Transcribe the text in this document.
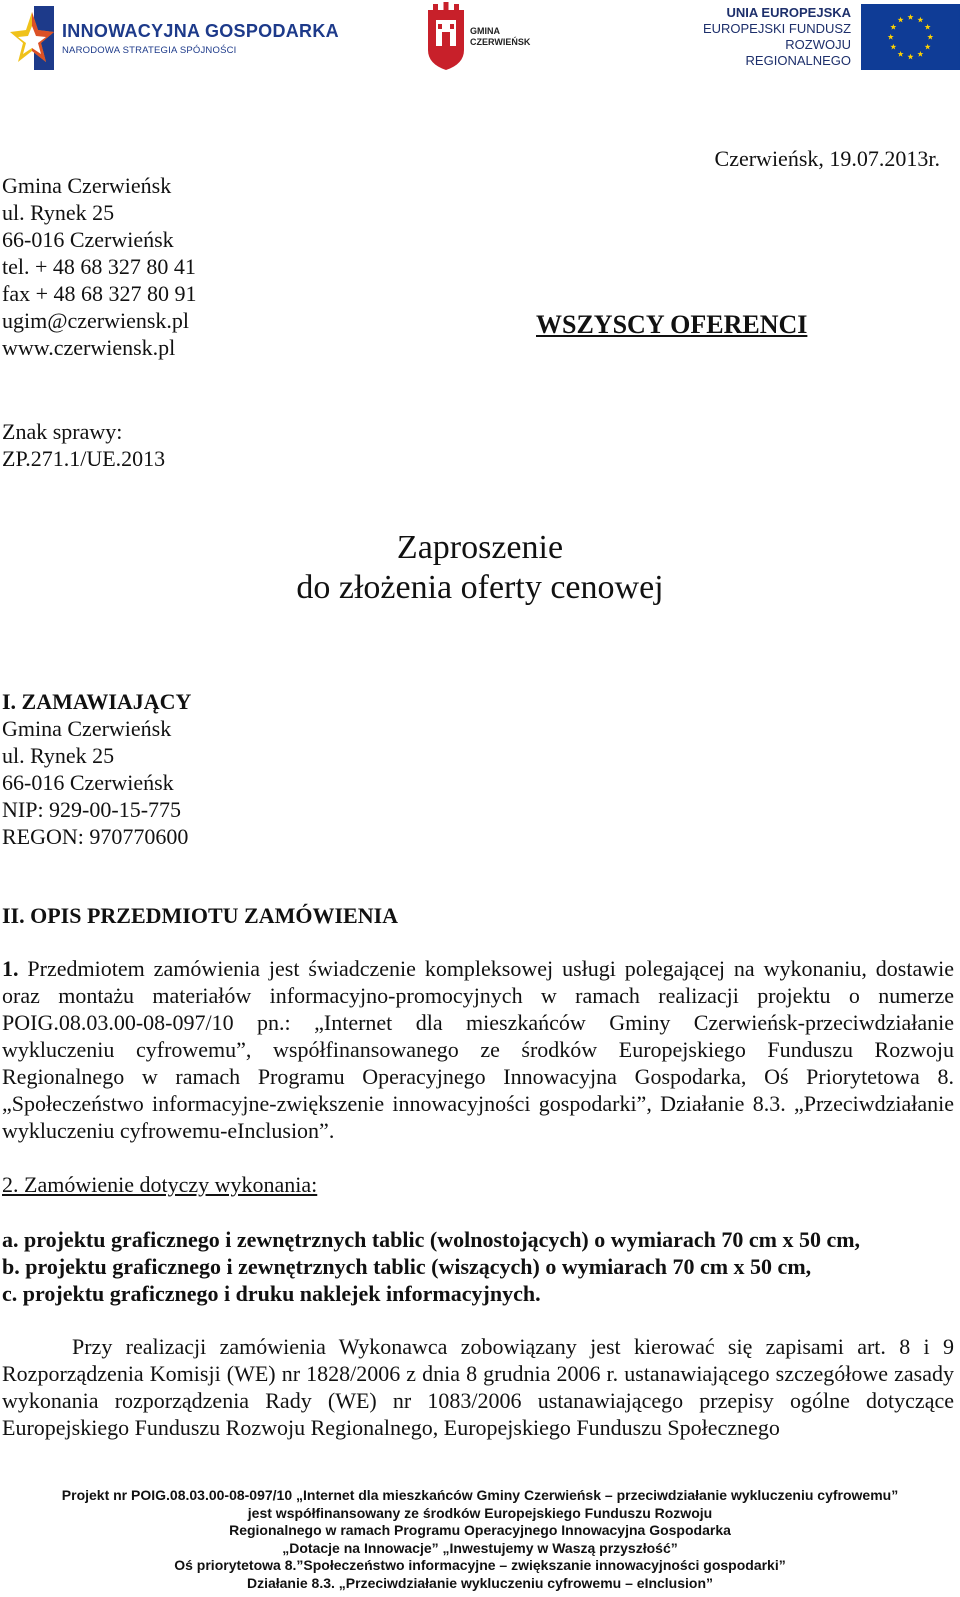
INNOWACYJNA GOSPODARKA
NARODOWA STRATEGIA SPÓJNOŚCI
GMINA
CZERWIEŃSK
UNIA EUROPEJSKA
EUROPEJSKI FUNDUSZ
ROZWOJU REGIONALNEGO
Czerwieńsk, 19.07.2013r.
Gmina Czerwieńsk
ul. Rynek 25
66-016 Czerwieńsk
tel. + 48 68 327 80 41
fax + 48 68 327 80 91
ugim@czerwiensk.pl
www.czerwiensk.pl
WSZYSCY OFERENCI
Znak sprawy:
ZP.271.1/UE.2013
Zaproszenie
do złożenia oferty cenowej
I. ZAMAWIAJĄCY
Gmina Czerwieńsk
ul. Rynek 25
66-016 Czerwieńsk
NIP: 929-00-15-775
REGON: 970770600
II. OPIS PRZEDMIOTU ZAMÓWIENIA

1. Przedmiotem zamówienia jest świadczenie kompleksowej usługi polegającej na wykonaniu, dostawie oraz montażu materiałów informacyjno-promocyjnych w ramach realizacji projektu o numerze POIG.08.03.00-08-097/10 pn.: „Internet dla mieszkańców Gminy Czerwieńsk-przeciwdziałanie wykluczeniu cyfrowemu”, współfinansowanego ze środków Europejskiego Funduszu Rozwoju Regionalnego w ramach Programu Operacyjnego Innowacyjna Gospodarka, Oś Priorytetowa 8. „Społeczeństwo informacyjne-zwiększenie innowacyjności gospodarki”, Działanie 8.3. „Przeciwdziałanie wykluczeniu cyfrowemu-eInclusion”.

2. Zamówienie dotyczy wykonania:
a. projektu graficznego i zewnętrznych tablic (wolnostojących) o wymiarach 70 cm x 50 cm,
b. projektu graficznego i zewnętrznych tablic (wiszących) o wymiarach 70 cm x 50 cm,
c. projektu graficznego i druku naklejek informacyjnych.

Przy realizacji zamówienia Wykonawca zobowiązany jest kierować się zapisami art. 8 i 9 Rozporządzenia Komisji (WE) nr 1828/2006 z dnia 8 grudnia 2006 r. ustanawiającego szczegółowe zasady wykonania rozporządzenia Rady (WE) nr 1083/2006 ustanawiającego przepisy ogólne dotyczące Europejskiego Funduszu Rozwoju Regionalnego, Europejskiego Funduszu Społecznego

Projekt nr POIG.08.03.00-08-097/10 „Internet dla mieszkańców Gminy Czerwieńsk – przeciwdziałanie wykluczeniu cyfrowemu”
jest współfinansowany ze środków Europejskiego Funduszu Rozwoju
Regionalnego w ramach Programu Operacyjnego Innowacyjna Gospodarka
„Dotacje na Innowacje” „Inwestujemy w Waszą przyszłość”
Oś priorytetowa 8.”Społeczeństwo informacyjne – zwiększanie innowacyjności gospodarki”
Działanie 8.3. „Przeciwdziałanie wykluczeniu cyfrowemu – eInclusion”
